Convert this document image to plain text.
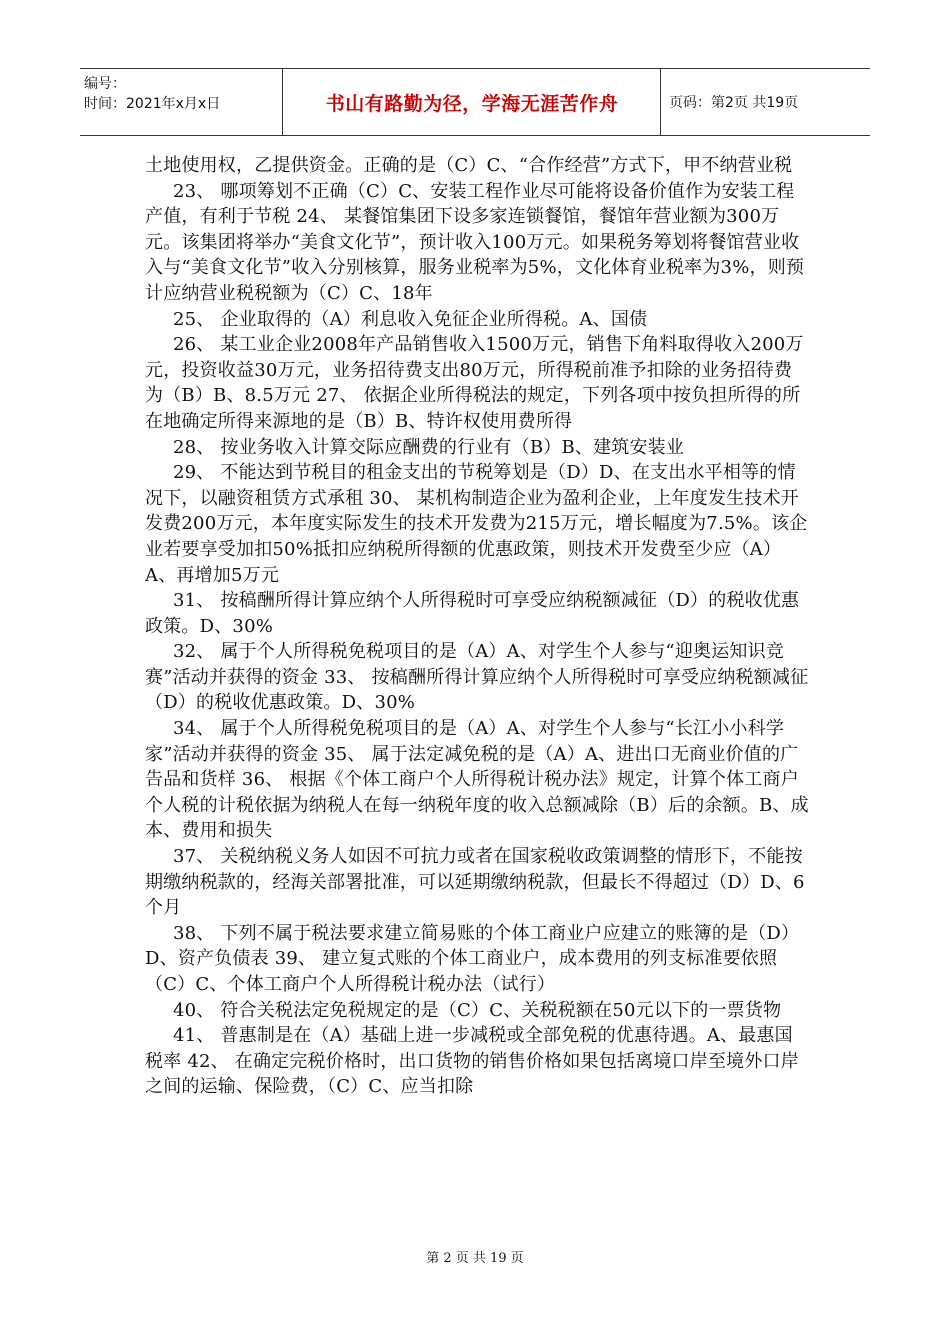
编号：
时间：2021年x月x日	书山有路勤为径，学海无涯苦作舟	页码：第2页 共19页

土地使用权，乙提供资金。正确的是（C）C、“合作经营”方式下，甲不纳营业税

23、 哪项筹划不正确（C）C、安装工程作业尽可能将设备价值作为安装工程产值，有利于节税 24、 某餐馆集团下设多家连锁餐馆，餐馆年营业额为300万元。该集团将举办“美食文化节”，预计收入100万元。如果税务筹划将餐馆营业收入与“美食文化节”收入分别核算，服务业税率为5%，文化体育业税率为3%，则预计应纳营业税税额为（C）C、18年

25、 企业取得的（A）利息收入免征企业所得税。A、国债

26、 某工业企业2008年产品销售收入1500万元，销售下角料取得收入200万元，投资收益30万元，业务招待费支出80万元，所得税前准予扣除的业务招待费为（B）B、8.5万元 27、 依据企业所得税法的规定，下列各项中按负担所得的所在地确定所得来源地的是（B）B、特许权使用费所得

28、 按业务收入计算交际应酬费的行业有（B）B、建筑安装业

29、 不能达到节税目的租金支出的节税筹划是（D）D、在支出水平相等的情况下，以融资租赁方式承租 30、 某机构制造企业为盈利企业，上年度发生技术开发费200万元，本年度实际发生的技术开发费为215万元，增长幅度为7.5%。该企业若要享受加扣50%抵扣应纳税所得额的优惠政策，则技术开发费至少应（A）A、再增加5万元

31、 按稿酬所得计算应纳个人所得税时可享受应纳税额减征（D）的税收优惠政策。D、30%

32、 属于个人所得税免税项目的是（A）A、对学生个人参与“迎奥运知识竞赛”活动并获得的资金 33、 按稿酬所得计算应纳个人所得税时可享受应纳税额减征（D）的税收优惠政策。D、30%

34、 属于个人所得税免税项目的是（A）A、对学生个人参与“长江小小科学家”活动并获得的资金 35、 属于法定减免税的是（A）A、进出口无商业价值的广告品和货样 36、 根据《个体工商户个人所得税计税办法》规定，计算个体工商户个人税的计税依据为纳税人在每一纳税年度的收入总额减除（B）后的余额。B、成本、费用和损失

37、 关税纳税义务人如因不可抗力或者在国家税收政策调整的情形下，不能按期缴纳税款的，经海关部署批准，可以延期缴纳税款，但最长不得超过（D）D、6个月

38、 下列不属于税法要求建立简易账的个体工商业户应建立的账簿的是（D）D、资产负债表 39、 建立复式账的个体工商业户，成本费用的列支标准要依照（C）C、个体工商户个人所得税计税办法（试行）

40、 符合关税法定免税规定的是（C）C、关税税额在50元以下的一票货物

41、 普惠制是在（A）基础上进一步减税或全部免税的优惠待遇。A、最惠国税率 42、 在确定完税价格时，出口货物的销售价格如果包括离境口岸至境外口岸之间的运输、保险费，（C）C、应当扣除

第 2 页 共 19 页
